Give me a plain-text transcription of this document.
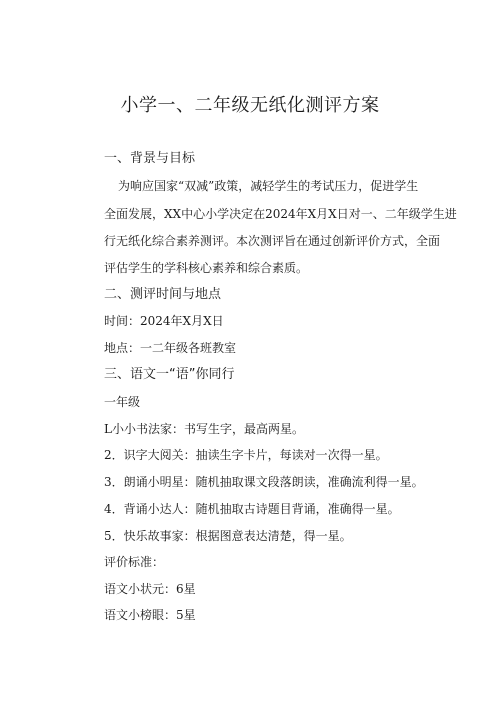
小学一、二年级无纸化测评方案
一、背景与目标
为响应国家“双减”政策，减轻学生的考试压力，促进学生
全面发展，XX中心小学决定在2024年X月X日对一、二年级学生进
行无纸化综合素养测评。本次测评旨在通过创新评价方式，全面
评估学生的学科核心素养和综合素质。
二、测评时间与地点
时间：2024年X月X日
地点：一二年级各班教室
三、语文一“语”你同行
一年级
L小小书法家：书写生字，最高两星。
2．识字大阅关：抽读生字卡片，每读对一次得一星。
3．朗诵小明星：随机抽取课文段落朗读，准确流利得一星。
4．背诵小达人：随机抽取古诗题目背诵，准确得一星。
5．快乐故事家：根据图意表达清楚，得一星。
评价标准：
语文小状元：6星
语文小榜眼：5星
